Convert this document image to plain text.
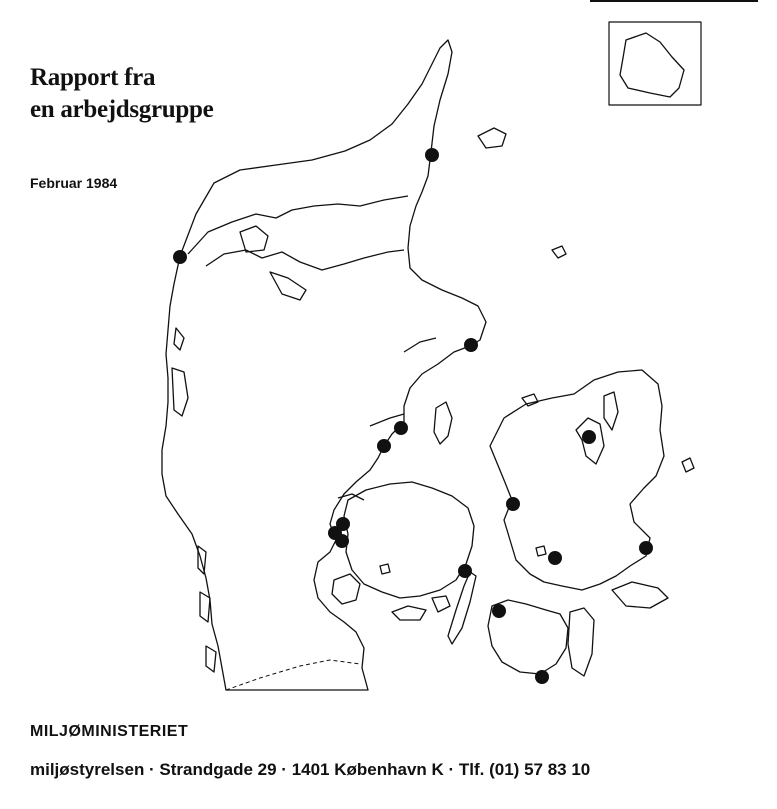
Rapport fra
en arbejdsgruppe
Februar 1984
MILJØMINISTERIET
miljøstyrelsen · Strandgade 29 · 1401 København K · Tlf. (01) 57 83 10
